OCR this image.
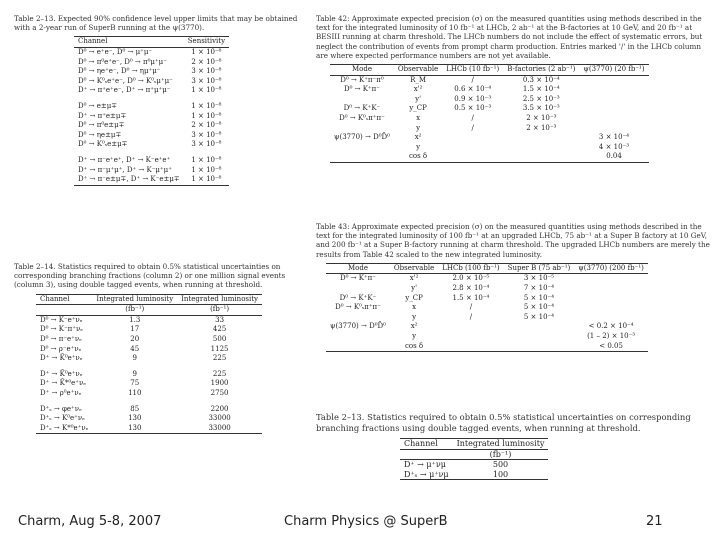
Table 2–13. Expected 90% confidence level upper limits that may be obtained with a 2-year run of SuperB running at the ψ(3770).

Channel	Sensitivity
D⁰ → e⁺e⁻, D⁰ → μ⁺μ⁻	1 × 10⁻⁸
D⁰ → π⁰e⁺e⁻, D⁰ → π⁰μ⁺μ⁻	2 × 10⁻⁸
D⁰ → ηe⁺e⁻, D⁰ → ημ⁺μ⁻	3 × 10⁻⁸
D⁰ → K⁰ₛe⁺e⁻, D⁰ → K⁰ₛμ⁺μ⁻	3 × 10⁻⁸
D⁺ → π⁺e⁺e⁻, D⁺ → π⁺μ⁺μ⁻	1 × 10⁻⁸
D⁰ → e±μ∓	1 × 10⁻⁸
D⁺ → π⁺e±μ∓	1 × 10⁻⁸
D⁰ → π⁰e±μ∓	2 × 10⁻⁸
D⁰ → ηe±μ∓	3 × 10⁻⁸
D⁰ → K⁰ₛe±μ∓	3 × 10⁻⁸
D⁺ → π⁻e⁺e⁺, D⁺ → K⁻e⁺e⁺	1 × 10⁻⁸
D⁺ → π⁻μ⁺μ⁺, D⁺ → K⁻μ⁺μ⁺	1 × 10⁻⁸
D⁺ → π⁻e±μ∓, D⁺ → K⁻e±μ∓	1 × 10⁻⁸

Table 2–14. Statistics required to obtain 0.5% statistical uncertainties on corresponding branching fractions (column 2) or one million signal events (column 3), using double tagged events, when running at threshold.

Channel	Integrated luminosity	Integrated luminosity
	(fb⁻¹)	(fb⁻¹)
D⁰ → K⁻e⁺νₑ	1.3	33
D⁰ → K⁻π⁺νₑ	17	425
D⁰ → π⁻e⁺νₑ	20	500
D⁰ → ρ⁻e⁺νₑ	45	1125
D⁺ → K̄⁰e⁺νₑ	9	225
D⁺ → K̄⁰e⁺νₑ	9	225
D⁺ → K̄*⁰e⁺νₑ	75	1900
D⁺ → ρ⁰e⁺νₑ	110	2750
D⁺ₛ → φe⁺νₑ	85	2200
D⁺ₛ → K⁰e⁺νₑ	130	33000
D⁺ₛ → K*⁰e⁺νₑ	130	33000

Table 42: Approximate expected precision (σ) on the measured quantities using methods described in the text for the integrated luminosity of 10 fb⁻¹ at LHCb, 2 ab⁻¹ at the B-factories at 10 GeV, and 20 fb⁻¹ at BESIII running at charm threshold. The LHCb numbers do not include the effect of systematic errors, but neglect the contribution of events from prompt charm production. Entries marked '/' in the LHCb column are where expected performance numbers are not yet available.

Mode	Observable	LHCb (10 fb⁻¹)	B-factories (2 ab⁻¹)	ψ(3770) (20 fb⁻¹)
D⁰ → K⁺π⁻π⁰	R_M	/	0.3 × 10⁻⁴	
D⁰ → K⁺π⁻	x'²	0.6 × 10⁻⁴	1.5 × 10⁻⁴	
	y'	0.9 × 10⁻³	2.5 × 10⁻³	
D⁰ → K⁺K⁻	y_CP	0.5 × 10⁻³	3.5 × 10⁻³	
D⁰ → K⁰ₛπ⁺π⁻	x	/	2 × 10⁻³	
	y	/	2 × 10⁻³	
ψ(3770) → D⁰D̄⁰	x²			3 × 10⁻⁴
	y			4 × 10⁻³
	cos δ			0.04

Table 43: Approximate expected precision (σ) on the measured quantities using methods described in the text for the integrated luminosity of 100 fb⁻¹ at an upgraded LHCb, 75 ab⁻¹ at a Super B factory at 10 GeV, and 200 fb⁻¹ at a Super B-factory running at charm threshold. The upgraded LHCb numbers are merely the results from Table 42 scaled to the new integrated luminosity.

Mode	Observable	LHCb (100 fb⁻¹)	Super B (75 ab⁻¹)	ψ(3770) (200 fb⁻¹)
D⁰ → K⁺π⁻	x'²	2.0 × 10⁻⁵	3 × 10⁻⁵	
	y'	2.8 × 10⁻⁴	7 × 10⁻⁴	
D⁰ → K⁺K⁻	y_CP	1.5 × 10⁻⁴	5 × 10⁻⁴	
D⁰ → K⁰ₛπ⁺π⁻	x	/	5 × 10⁻⁴	
	y	/	5 × 10⁻⁴	
ψ(3770) → D⁰D̄⁰	x²			< 0.2 × 10⁻⁴
	y			(1 – 2) × 10⁻³
	cos δ			< 0.05

Table 2–13. Statistics required to obtain 0.5% statistical uncertainties on corresponding branching fractions using double tagged events, when running at threshold.

Channel	Integrated luminosity
	(fb⁻¹)
D⁺ → μ⁺νμ	500
D⁺ₛ → μ⁺νμ	100
Charm, Aug 5-8, 2007	Charm Physics @ SuperB	21
